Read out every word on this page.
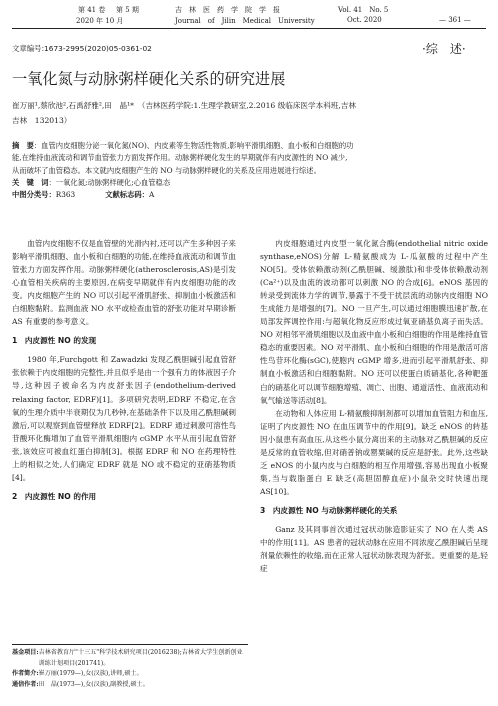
第 41 卷 第 5 期	吉　林　医　药　学　院　学　报	Vol. 41　No. 5
2020 年 10 月	Journal　of　Jilin　Medical　University	Oct. 2020	— 361 —
文章编号:1673-2995(2020)05-0361-02	·综　述·
一氧化氮与动脉粥样硬化关系的研究进展
崔万丽¹,蔡欣池²,石禹舒雅²,田　晶¹*　（吉林医药学院:1.生理学教研室,2.2016 级临床医学本科班,吉林
吉林　132013）
摘　要：血管内皮细胞分泌一氧化氮(NO)、内皮素等生物活性物质,影响平滑肌细胞、血小板和白细胞的功
能,在维持血液流动和调节血管张力方面发挥作用。动脉粥样硬化发生的早期就伴有内皮源性的 NO 减少,
从而破坏了血管稳态。本文就内皮细胞产生的 NO 与动脉粥样硬化的关系及应用进展进行综述。
关　键　词：一氧化氮;动脉粥样硬化;心血管稳态
中图分类号：R363	文献标志码：A

血管内皮细胞不仅是血管壁的光滑内衬,还可以产生多种因子来影响平滑肌细胞、血小板和白细胞的功能,在维持血液流动和调节血管张力方面发挥作用。动脉粥样硬化(atherosclerosis,AS)是引发心血管相关疾病的主要原因,在病变早期就伴有内皮细胞功能的改变。内皮细胞产生的 NO 可以引起平滑肌舒张、抑制血小板激活和白细胞黏附。监测血液 NO 水平或检查血管的舒张功能对早期诊断 AS 有重要的参考意义。

1　内皮源性 NO 的发现

1980 年,Furchgott 和 Zawadzki 发现乙酰胆碱引起血管舒张依赖于内皮细胞的完整性,并且似乎是由一个强有力的体液因子介导,这种因子被命名为内皮舒张因子(endothelium-derived relaxing factor, EDRF)[1]。多项研究表明,EDRF 不稳定,在含氧的生理介质中半衰期仅为几秒钟,在基础条件下以及用乙酰胆碱刺激后,可以观察到血管壁释放 EDRF[2]。EDRF 通过刺激可溶性鸟苷酸环化酶增加了血管平滑肌细胞内 cGMP 水平从而引起血管舒张,该效应可被血红蛋白抑制[3]。根据 EDRF 和 NO 在药理特性上的相似之处,人们确定 EDRF 就是 NO 或不稳定的亚硝基物质[4]。

2　内皮源性 NO 的作用
基金项目: 吉林省教育厅"十三五"科学技术研究项目(2016238);吉林省大学生创新创业训练计划项目(201741)。
作者简介: 崔万丽(1979—),女(汉族),讲师,硕士。
通信作者: 田　晶(1973—),女(汉族),副教授,硕士。

内皮细胞通过内皮型一氧化氮合酶(endothelial nitric oxide synthase,eNOS)分解 L-精氨酸成为 L-瓜氨酸的过程中产生 NO[5]。受体依赖激动剂(乙酰胆碱、缓激肽)和非受体依赖激动剂(Ca²⁺)以及血流的波动都可以刺激 NO 的合成[6]。eNOS 基因的转录受到流体力学的调节,暴露于不受干扰层流的动脉内皮细胞 NO 生成能力是增强的[7]。NO 一旦产生,可以通过细胞膜迅速扩散,在局部发挥调控作用:与超氧化物反应形成过氧亚硝基负离子而失活。NO 对相邻平滑肌细胞以及血液中血小板和白细胞的作用是维持血管稳态的重要因素。NO 对平滑肌、血小板和白细胞的作用是激活可溶性鸟苷环化酶(sGC),使胞内 cGMP 增多,进而引起平滑肌舒张、抑制血小板激活和白细胞黏附。NO 还可以使蛋白质硝基化,各种靶蛋白的硝基化可以调节细胞增殖、凋亡、出胞、通道活性、血液流动和氧气输送等活动[8]。

在动物和人体应用 L-精氨酸抑制剂都可以增加血管阻力和血压,证明了内皮源性 NO 在血压调节中的作用[9]。缺乏 eNOS 的转基因小鼠患有高血压,从这些小鼠分离出来的主动脉对乙酰胆碱的反应是反常的血管收缩,但对硝普钠或罂粟碱的反应是舒张。此外,这些缺乏 eNOS 的小鼠内皮与白细胞的相互作用增强,容易出现血小板聚集,当与载脂蛋白 E 缺乏(高胆固醇血症)小鼠杂交时快速出现 AS[10]。

3　内皮源性 NO 与动脉粥样硬化的关系

Ganz 及其同事首次通过冠状动脉造影证实了 NO 在人类 AS 中的作用[11]。AS 患者的冠状动脉在应用不同浓度乙酰胆碱后呈现剂量依赖性的收缩,而在正常人冠状动脉表现为舒张。更重要的是,轻症
